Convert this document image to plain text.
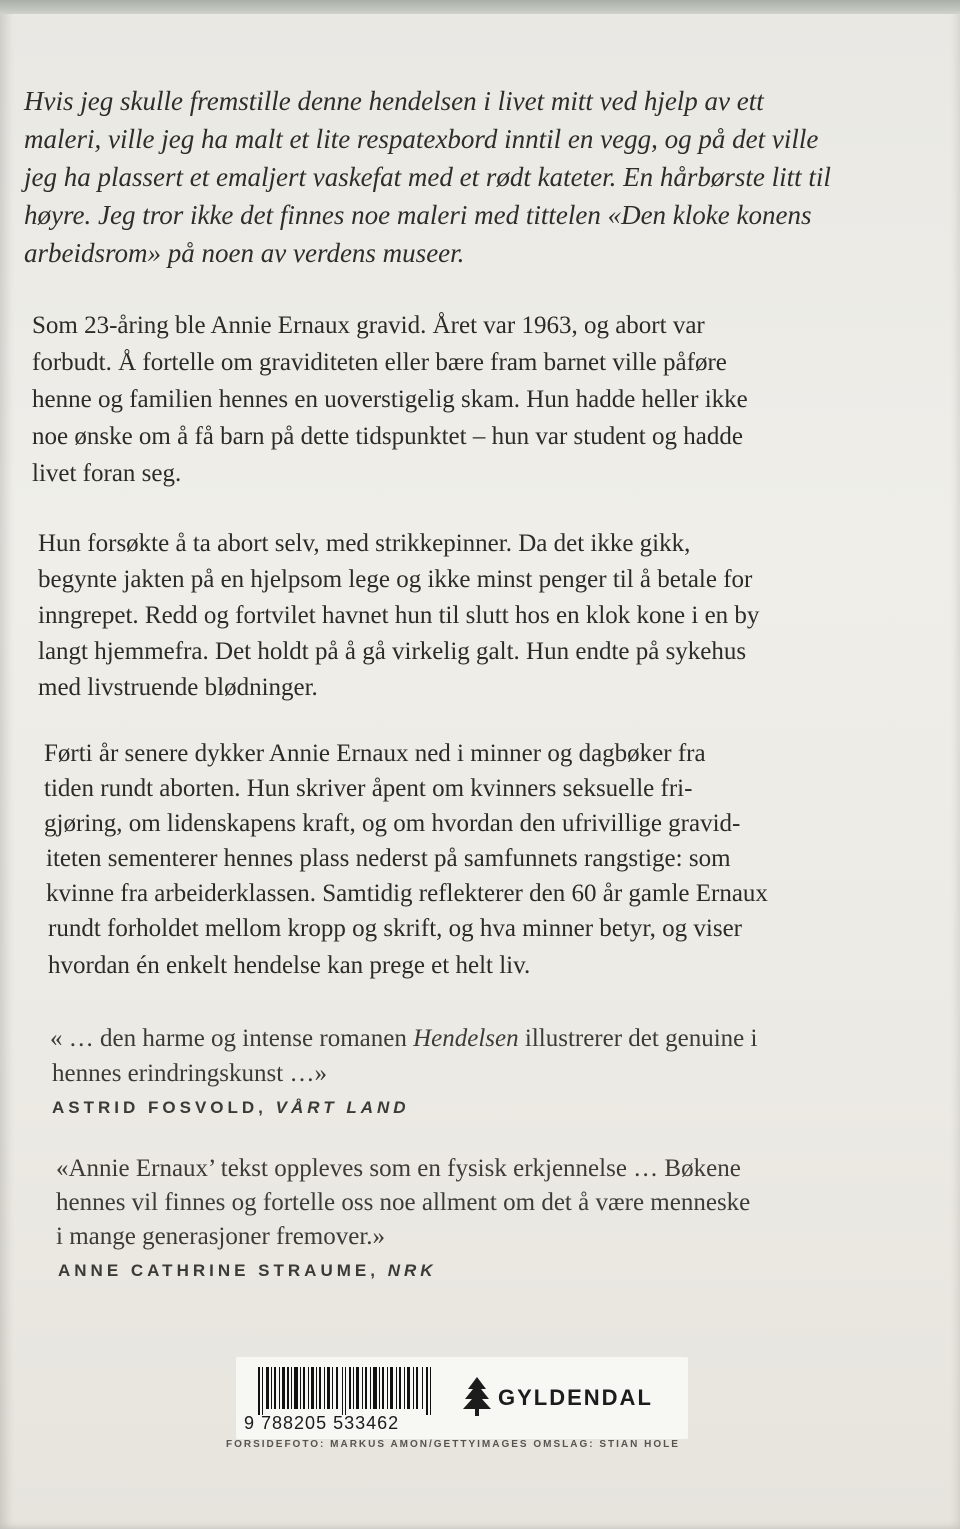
Hvis jeg skulle fremstille denne hendelsen i livet mitt ved hjelp av ett
maleri, ville jeg ha malt et lite respatexbord inntil en vegg, og på det ville
jeg ha plassert et emaljert vaskefat med et rødt kateter. En hårbørste litt til
høyre. Jeg tror ikke det finnes noe maleri med tittelen «Den kloke konens
arbeidsrom» på noen av verdens museer.
Som 23-åring ble Annie Ernaux gravid. Året var 1963, og abort var
forbudt. Å fortelle om graviditeten eller bære fram barnet ville påføre
henne og familien hennes en uoverstigelig skam. Hun hadde heller ikke
noe ønske om å få barn på dette tidspunktet – hun var student og hadde
livet foran seg.
Hun forsøkte å ta abort selv, med strikkepinner. Da det ikke gikk,
begynte jakten på en hjelpsom lege og ikke minst penger til å betale for
inngrepet. Redd og fortvilet havnet hun til slutt hos en klok kone i en by
langt hjemmefra. Det holdt på å gå virkelig galt. Hun endte på sykehus
med livstruende blødninger.
Førti år senere dykker Annie Ernaux ned i minner og dagbøker fra
tiden rundt aborten. Hun skriver åpent om kvinners seksuelle fri-
gjøring, om lidenskapens kraft, og om hvordan den ufrivillige gravid-
iteten sementerer hennes plass nederst på samfunnets rangstige: som
kvinne fra arbeiderklassen. Samtidig reflekterer den 60 år gamle Ernaux
rundt forholdet mellom kropp og skrift, og hva minner betyr, og viser
hvordan én enkelt hendelse kan prege et helt liv.
« … den harme og intense romanen Hendelsen illustrerer det genuine i
hennes erindringskunst …»
ASTRID FOSVOLD, VÅRT LAND
«Annie Ernaux’ tekst oppleves som en fysisk erkjennelse … Bøkene
hennes vil finnes og fortelle oss noe allment om det å være menneske
i mange generasjoner fremover.»
ANNE CATHRINE STRAUME, NRK
9 788205 533462
GYLDENDAL
FORSIDEFOTO: MARKUS AMON/GETTYIMAGES OMSLAG: STIAN HOLE
